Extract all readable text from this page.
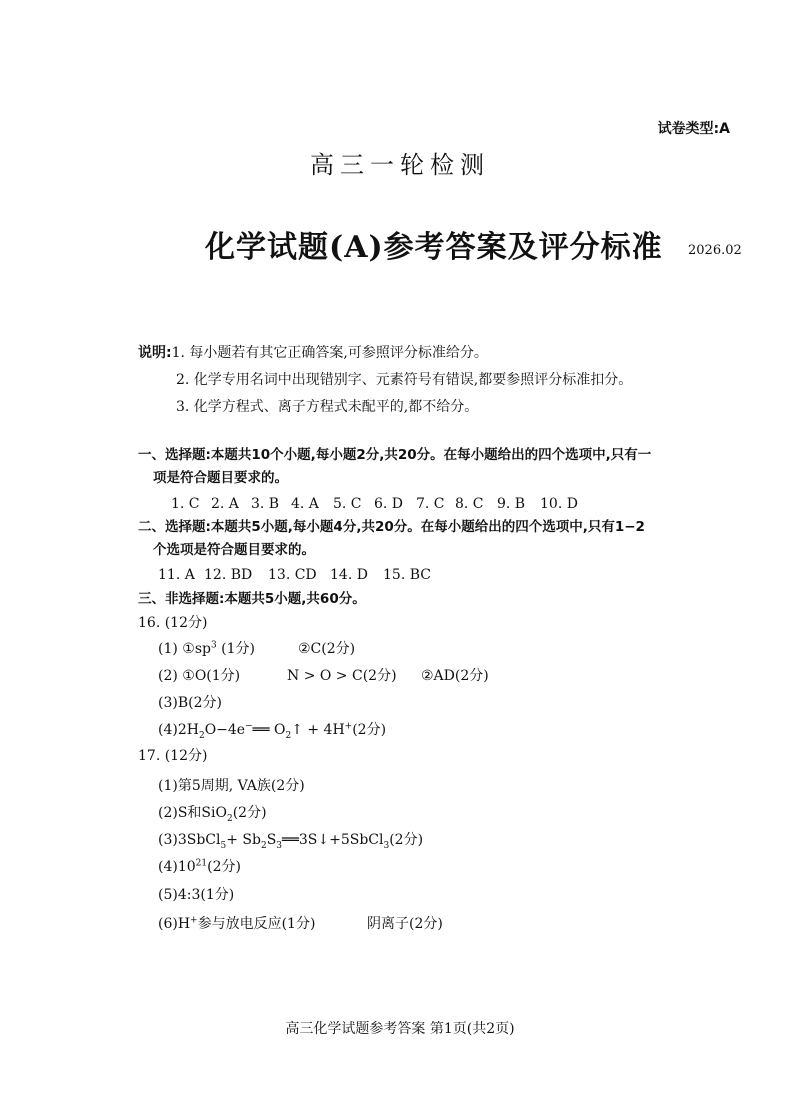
试卷类型:A
高三一轮检测
化学试题(A)参考答案及评分标准 2026.02
说明:1. 每小题若有其它正确答案,可参照评分标准给分。
2. 化学专用名词中出现错别字、元素符号有错误,都要参照评分标准扣分。
3. 化学方程式、离子方程式未配平的,都不给分。
一、选择题:本题共10个小题,每小题2分,共20分。在每小题给出的四个选项中,只有一
项是符合题目要求的。
1. C 2. A 3. B 4. A 5. C 6. D 7. C 8. C 9. B 10. D
二、选择题:本题共5小题,每小题4分,共20分。在每小题给出的四个选项中,只有1−2
个选项是符合题目要求的。
11. A 12. BD 13. CD 14. D 15. BC
三、非选择题:本题共5小题,共60分。
16. (12分)
(1) $①sp^3$ (1分)	②C(2分)
(2) ①O(1分)	N > O > C(2分) ②AD(2分)
(3)B(2分)
$(4)2H_2O-4e^-══$ $O_2↑ + 4H^+(2$分)
17. (12分)
(1)第5周期, VA族(2分)
(2)S和SiO$_2$(2分)
(3)3SbCl$_5$+ $Sb_2S_3══3S↓+5SbCl_3(2$分)
$(4)10^{21}(2$分)
(5)4:3(1分)
(6)H+参与放电反应(1分)	阴离子(2分)
高三化学试题参考答案 第1页(共2页)
